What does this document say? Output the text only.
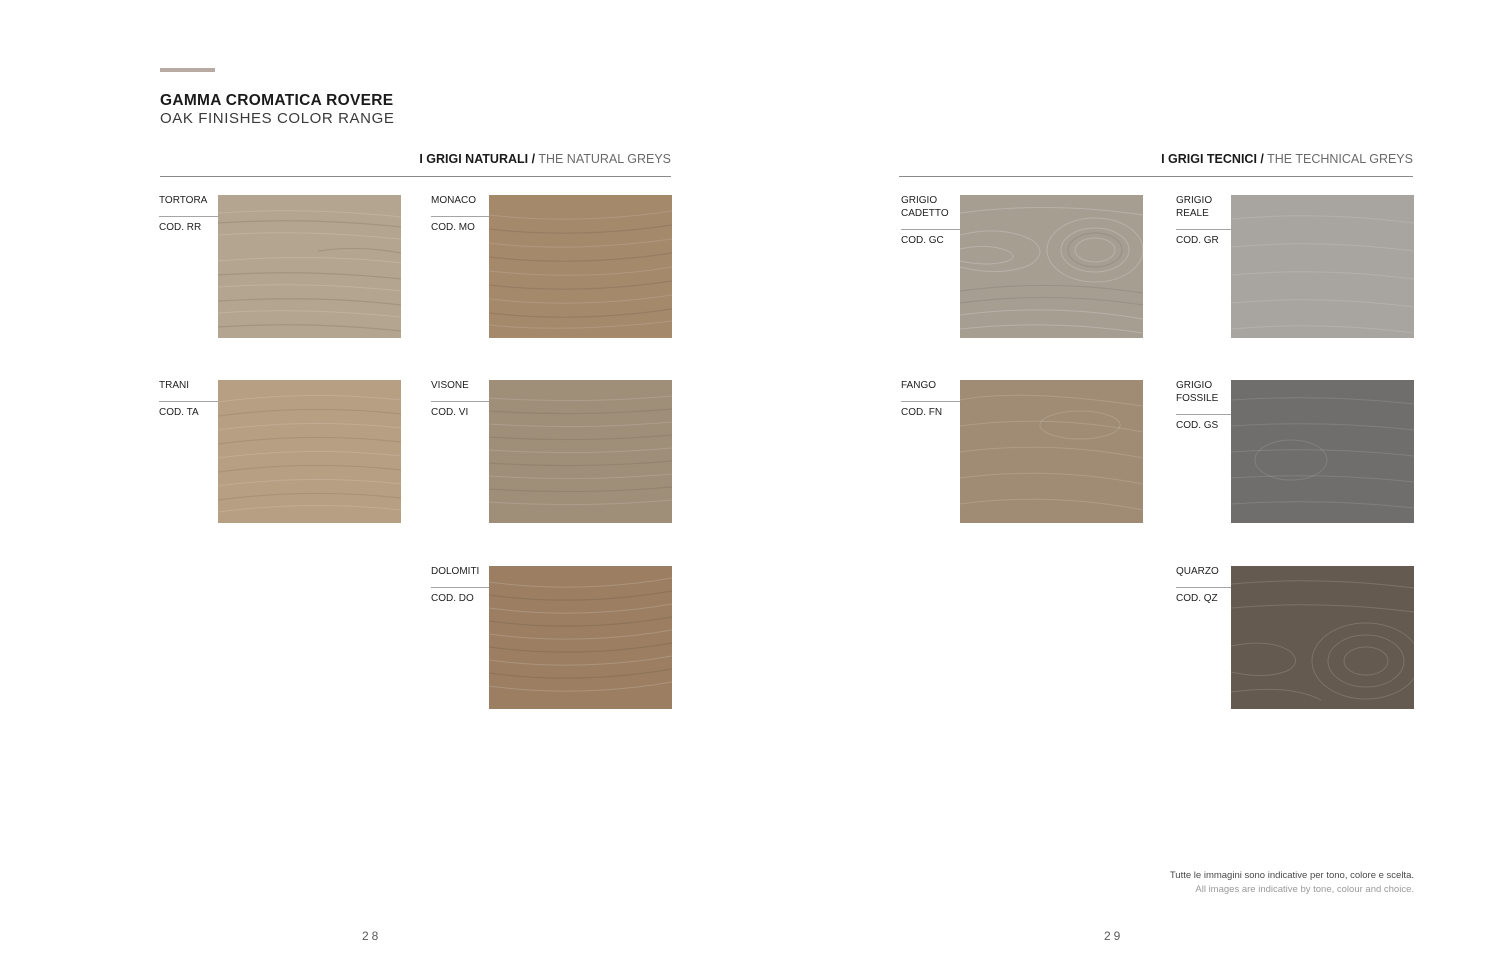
GAMMA CROMATICA ROVERE
OAK FINISHES COLOR RANGE
I GRIGI NATURALI / THE NATURAL GREYS
TORTORA
COD. RR
MONACO
COD. MO
TRANI
COD. TA
VISONE
COD. VI
DOLOMITI
COD. DO
28
I GRIGI TECNICI / THE TECHNICAL GREYS
GRIGIO
CADETTO
COD. GC
GRIGIO
REALE
COD. GR
FANGO
COD. FN
GRIGIO
FOSSILE
COD. GS
QUARZO
COD. QZ
Tutte le immagini sono indicative per tono, colore e scelta.
All images are indicative by tone, colour and choice.
29
